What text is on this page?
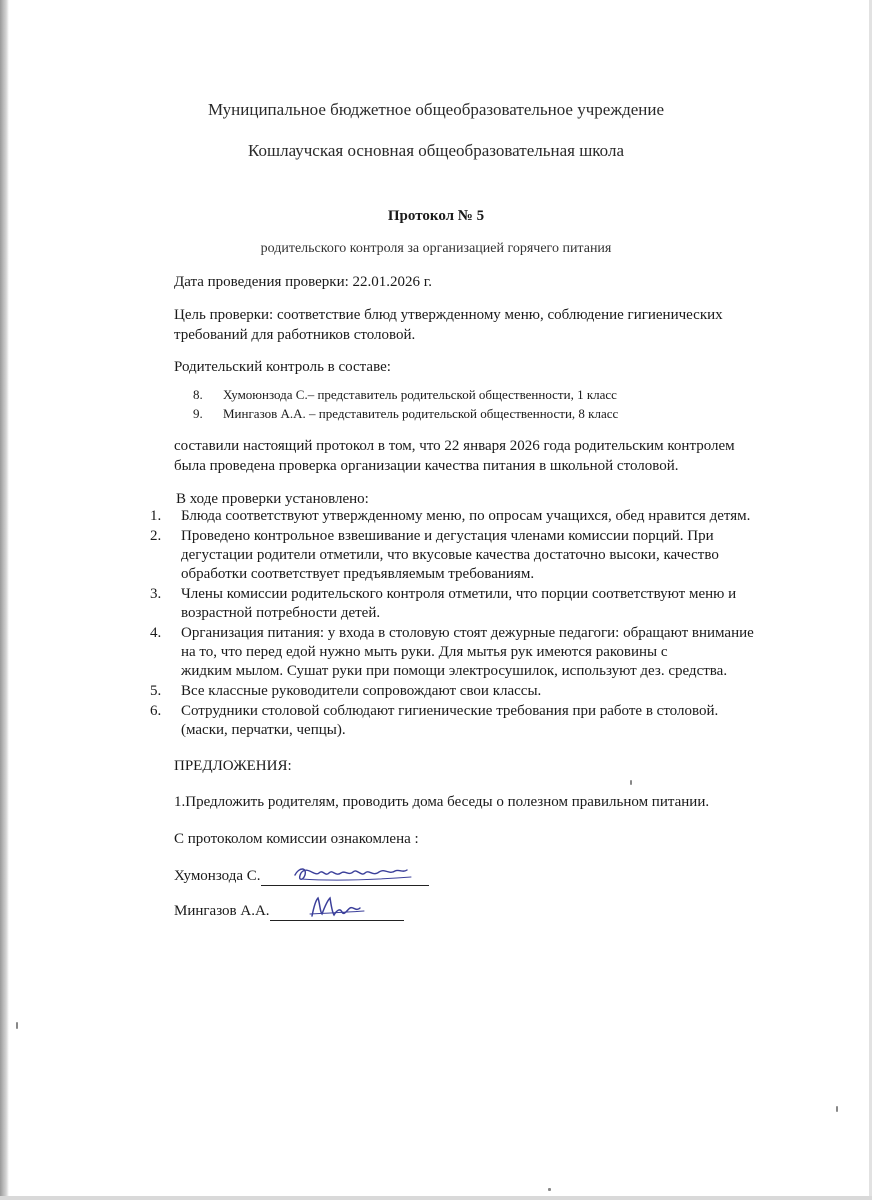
Муниципальное бюджетное общеобразовательное учреждение
Кошлаучская основная общеобразовательная школа
Протокол № 5
родительского контроля за организацией горячего питания
Дата проведения проверки: 22.01.2026 г.
Цель проверки: соответствие блюд утвержденному меню, соблюдение гигиенических
требований для работников столовой.
Родительский контроль в составе:
8.	Хумоюнзода С.– представитель родительской общественности, 1 класс
9.	Мингазов А.А. – представитель родительской общественности, 8 класс
составили настоящий протокол в том, что 22 января 2026 года родительским контролем
была проведена проверка организации качества питания в школьной столовой.
В ходе проверки установлено:
1.	Блюда соответствуют утвержденному меню, по опросам учащихся, обед нравится детям.
2.	Проведено контрольное взвешивание и дегустация членами комиссии порций. При
дегустации родители отметили, что вкусовые качества достаточно высоки, качество
обработки соответствует предъявляемым требованиям.
3.	Члены комиссии родительского контроля отметили, что порции соответствуют меню и
возрастной потребности детей.
4.	Организация питания: у входа в столовую стоят дежурные педагоги: обращают внимание
на то, что перед едой нужно мыть руки. Для мытья рук имеются раковины с
жидким мылом. Сушат руки при помощи электросушилок, используют дез. средства.
5.	Все классные руководители сопровождают свои классы.
6.	Сотрудники столовой соблюдают гигиенические требования при работе в столовой.
(маски, перчатки, чепцы).
ПРЕДЛОЖЕНИЯ:
1.Предложить родителям, проводить дома беседы о полезном правильном питании.
С протоколом комиссии ознакомлена :
Хумонзода С.
Мингазов А.А.
